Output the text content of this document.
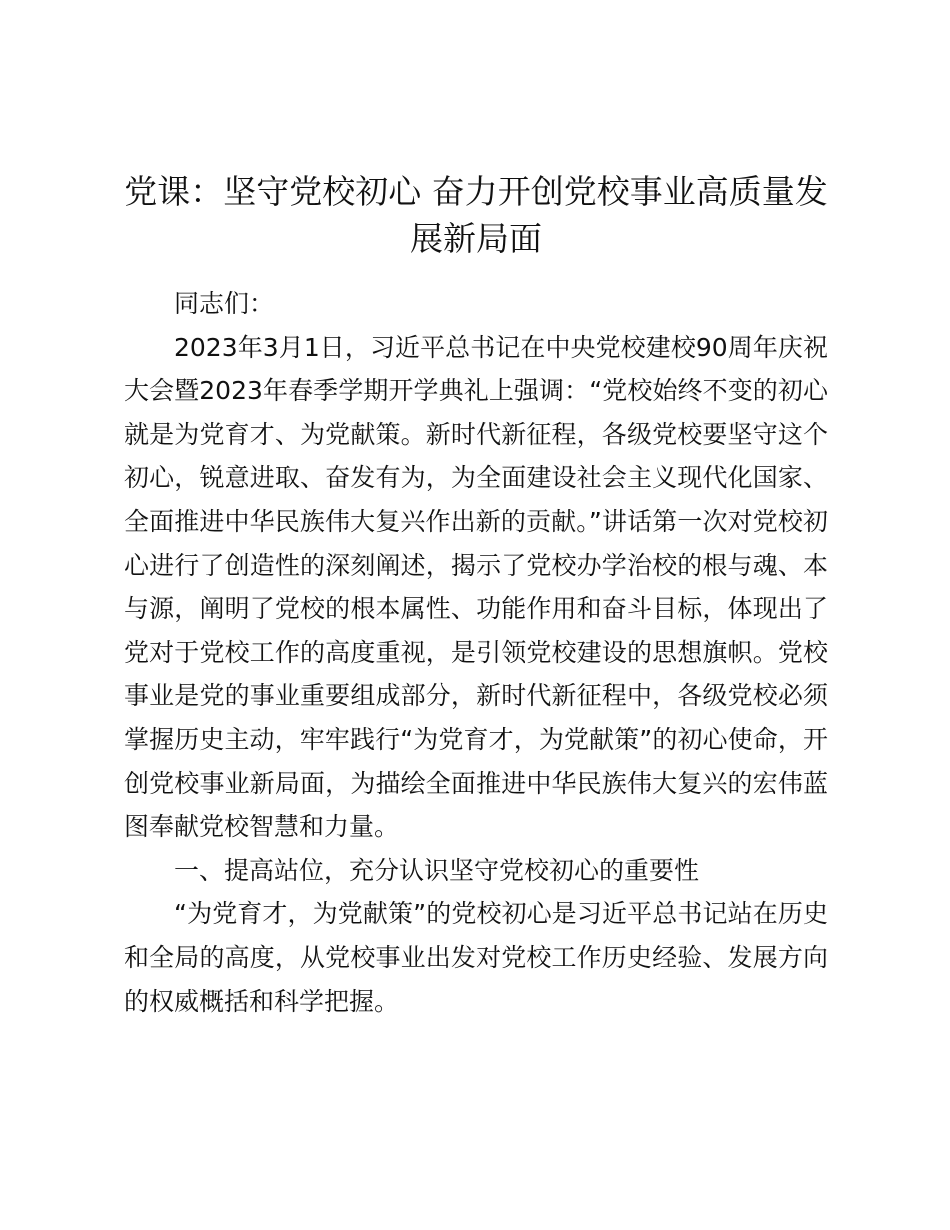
党课：坚守党校初心 奋力开创党校事业高质量发展新局面

同志们：

2023年3月1日，习近平总书记在中央党校建校90周年庆祝大会暨2023年春季学期开学典礼上强调：“党校始终不变的初心就是为党育才、为党献策。新时代新征程，各级党校要坚守这个初心，锐意进取、奋发有为，为全面建设社会主义现代化国家、全面推进中华民族伟大复兴作出新的贡献。”讲话第一次对党校初心进行了创造性的深刻阐述，揭示了党校办学治校的根与魂、本与源，阐明了党校的根本属性、功能作用和奋斗目标，体现出了党对于党校工作的高度重视，是引领党校建设的思想旗帜。党校事业是党的事业重要组成部分，新时代新征程中，各级党校必须掌握历史主动，牢牢践行“为党育才，为党献策”的初心使命，开创党校事业新局面，为描绘全面推进中华民族伟大复兴的宏伟蓝图奉献党校智慧和力量。

一、提高站位，充分认识坚守党校初心的重要性

“为党育才，为党献策”的党校初心是习近平总书记站在历史和全局的高度，从党校事业出发对党校工作历史经验、发展方向的权威概括和科学把握。
